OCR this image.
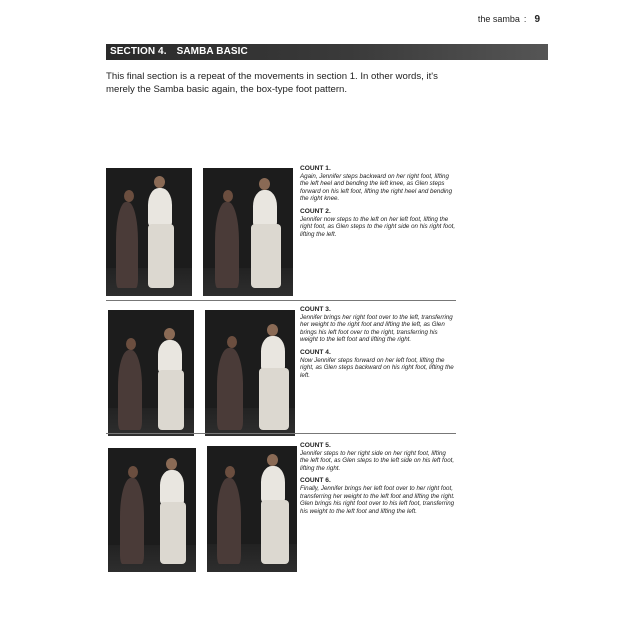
the samba : 9
SECTION 4. SAMBA BASIC
This final section is a repeat of the movements in section 1. In other words, it's merely the Samba basic again, the box-type foot pattern.
COUNT 1.
Again, Jennifer steps backward on her right foot, lifting the left heel and bending the left knee, as Glen steps forward on his left foot, lifting the right heel and bending the right knee.
COUNT 2.
Jennifer now steps to the left on her left foot, lifting the right foot, as Glen steps to the right side on his right foot, lifting the left.
COUNT 3.
Jennifer brings her right foot over to the left, transferring her weight to the right foot and lifting the left, as Glen brings his left foot over to the right, transferring his weight to the left foot and lifting the right.
COUNT 4.
Now Jennifer steps forward on her left foot, lifting the right, as Glen steps backward on his right foot, lifting the left.
COUNT 5.
Jennifer steps to her right side on her right foot, lifting the left foot, as Glen steps to the left side on his left foot, lifting the right.
COUNT 6.
Finally, Jennifer brings her left foot over to her right foot, transferring her weight to the left foot and lifting the right. Glen brings his right foot over to his left foot, transferring his weight to the left foot and lifting the left.
